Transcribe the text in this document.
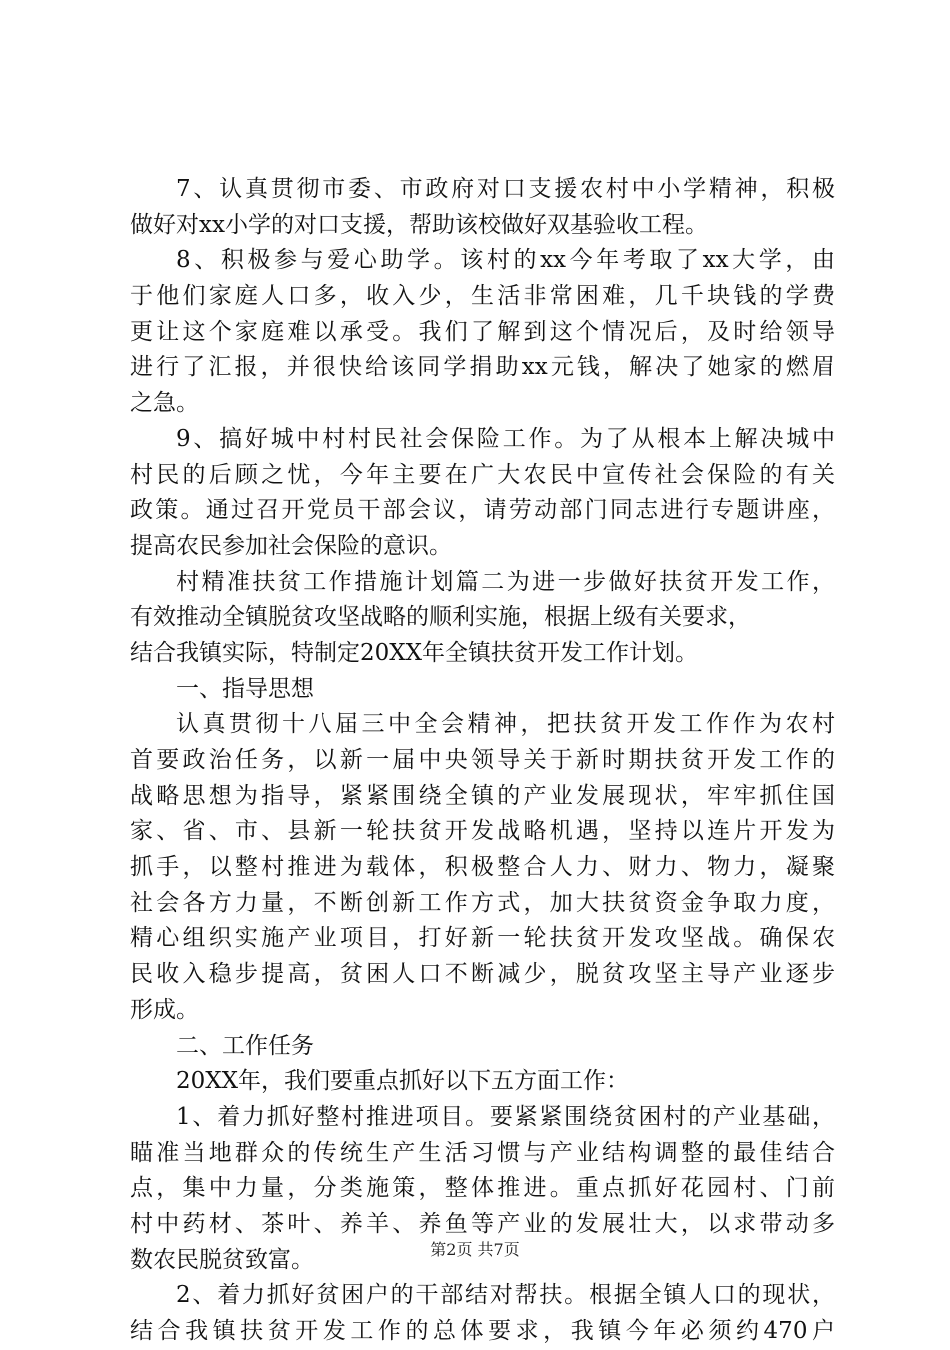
7、认真贯彻市委、市政府对口支援农村中小学精神，积极
做好对xx小学的对口支援，帮助该校做好双基验收工程。
8、积极参与爱心助学。该村的xx今年考取了xx大学，由
于他们家庭人口多，收入少，生活非常困难，几千块钱的学费
更让这个家庭难以承受。我们了解到这个情况后，及时给领导
进行了汇报，并很快给该同学捐助xx元钱，解决了她家的燃眉
之急。
9、搞好城中村村民社会保险工作。为了从根本上解决城中
村民的后顾之忧，今年主要在广大农民中宣传社会保险的有关
政策。通过召开党员干部会议，请劳动部门同志进行专题讲座，
提高农民参加社会保险的意识。
村精准扶贫工作措施计划篇二为进一步做好扶贫开发工作，
有效推动全镇脱贫攻坚战略的顺利实施，根据上级有关要求，
结合我镇实际，特制定20XX年全镇扶贫开发工作计划。
一、指导思想
认真贯彻十八届三中全会精神，把扶贫开发工作作为农村
首要政治任务，以新一届中央领导关于新时期扶贫开发工作的
战略思想为指导，紧紧围绕全镇的产业发展现状，牢牢抓住国
家、省、市、县新一轮扶贫开发战略机遇，坚持以连片开发为
抓手，以整村推进为载体，积极整合人力、财力、物力，凝聚
社会各方力量，不断创新工作方式，加大扶贫资金争取力度，
精心组织实施产业项目，打好新一轮扶贫开发攻坚战。确保农
民收入稳步提高，贫困人口不断减少，脱贫攻坚主导产业逐步
形成。
二、工作任务
20XX年，我们要重点抓好以下五方面工作：
1、着力抓好整村推进项目。要紧紧围绕贫困村的产业基础，
瞄准当地群众的传统生产生活习惯与产业结构调整的最佳结合
点，集中力量，分类施策，整体推进。重点抓好花园村、门前
村中药材、茶叶、养羊、养鱼等产业的发展壮大，以求带动多
数农民脱贫致富。
2、着力抓好贫困户的干部结对帮扶。根据全镇人口的现状，
结合我镇扶贫开发工作的总体要求，我镇今年必须约470户
第2页 共7页
